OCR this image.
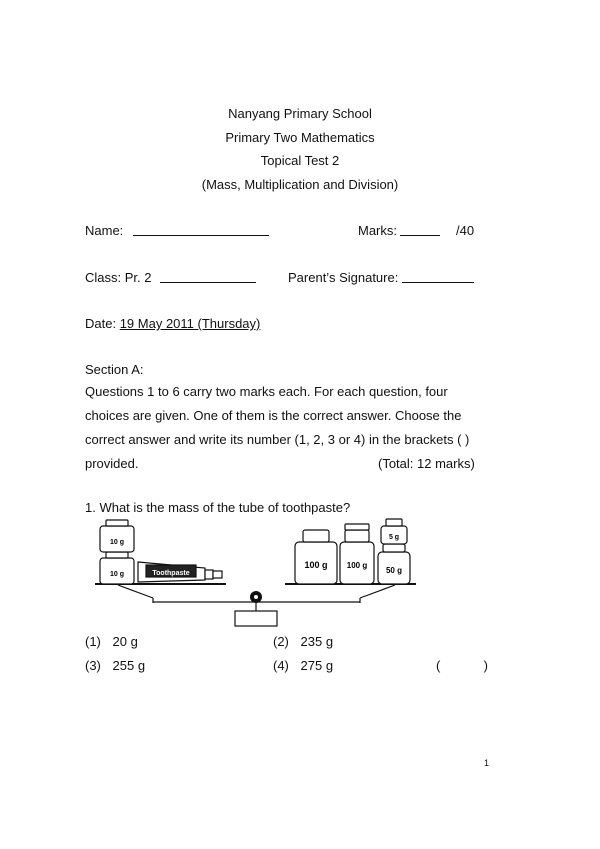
Nanyang Primary School
Primary Two Mathematics
Topical Test 2
(Mass, Multiplication and Division)
Name:	Marks:	/40
Class: Pr. 2	Parent’s Signature:
Date: 19 May 2011 (Thursday)
Section A:
Questions 1 to 6 carry two marks each. For each question, four
choices are given. One of them is the correct answer. Choose the
correct answer and write its number (1, 2, 3 or 4) in the brackets ( )
provided.	(Total: 12 marks)
1. What is the mass of the tube of toothpaste?
10 g
10 g	Toothpaste
100 g 100 g
50 g
5 g
(1) 20 g	(2) 235 g
(3) 255 g	(4) 275 g	(            )
1
